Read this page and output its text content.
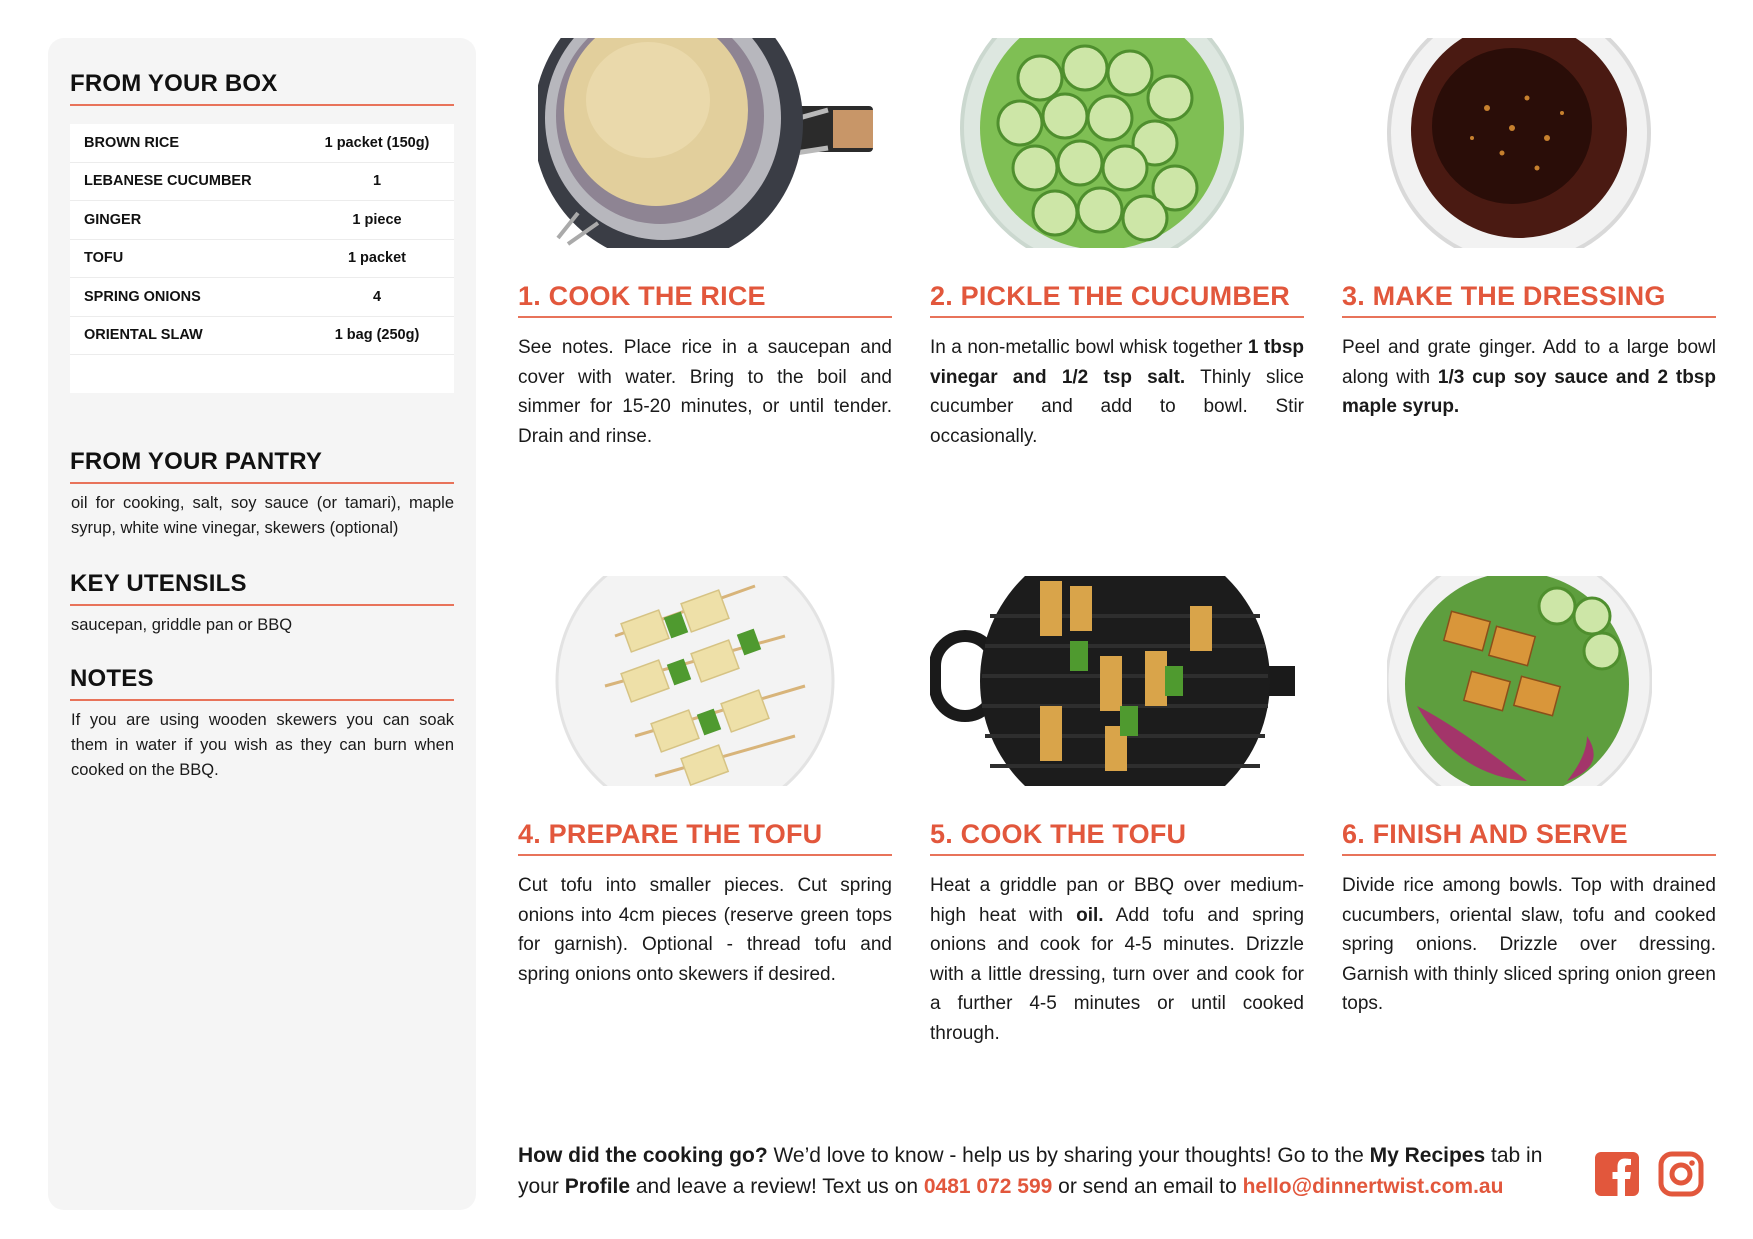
FROM YOUR BOX
BROWN RICE	1 packet (150g)
LEBANESE CUCUMBER	1
GINGER	1 piece
TOFU	1 packet
SPRING ONIONS	4
ORIENTAL SLAW	1 bag (250g)
FROM YOUR PANTRY
oil for cooking, salt, soy sauce (or tamari), maple syrup, white wine vinegar, skewers (optional)
KEY UTENSILS
saucepan, griddle pan or BBQ
NOTES
If you are using wooden skewers you can soak them in water if you wish as they can burn when cooked on the BBQ.
1. COOK THE RICE
See notes. Place rice in a saucepan and cover with water. Bring to the boil and simmer for 15-20 minutes, or until tender. Drain and rinse.
2. PICKLE THE CUCUMBER
In a non-metallic bowl whisk together 1 tbsp vinegar and 1/2 tsp salt. Thinly slice cucumber and add to bowl. Stir occasionally.
3. MAKE THE DRESSING
Peel and grate ginger. Add to a large bowl along with 1/3 cup soy sauce and 2 tbsp maple syrup.
4. PREPARE THE TOFU
Cut tofu into smaller pieces. Cut spring onions into 4cm pieces (reserve green tops for garnish). Optional - thread tofu and spring onions onto skewers if desired.
5. COOK THE TOFU
Heat a griddle pan or BBQ over medium-high heat with oil. Add tofu and spring onions and cook for 4-5 minutes. Drizzle with a little dressing, turn over and cook for a further 4-5 minutes or until cooked through.
6. FINISH AND SERVE
Divide rice among bowls. Top with drained cucumbers, oriental slaw, tofu and cooked spring onions. Drizzle over dressing. Garnish with thinly sliced spring onion green tops.
How did the cooking go? We’d love to know - help us by sharing your thoughts! Go to the My Recipes tab in your Profile and leave a review! Text us on 0481 072 599 or send an email to hello@dinnertwist.com.au
